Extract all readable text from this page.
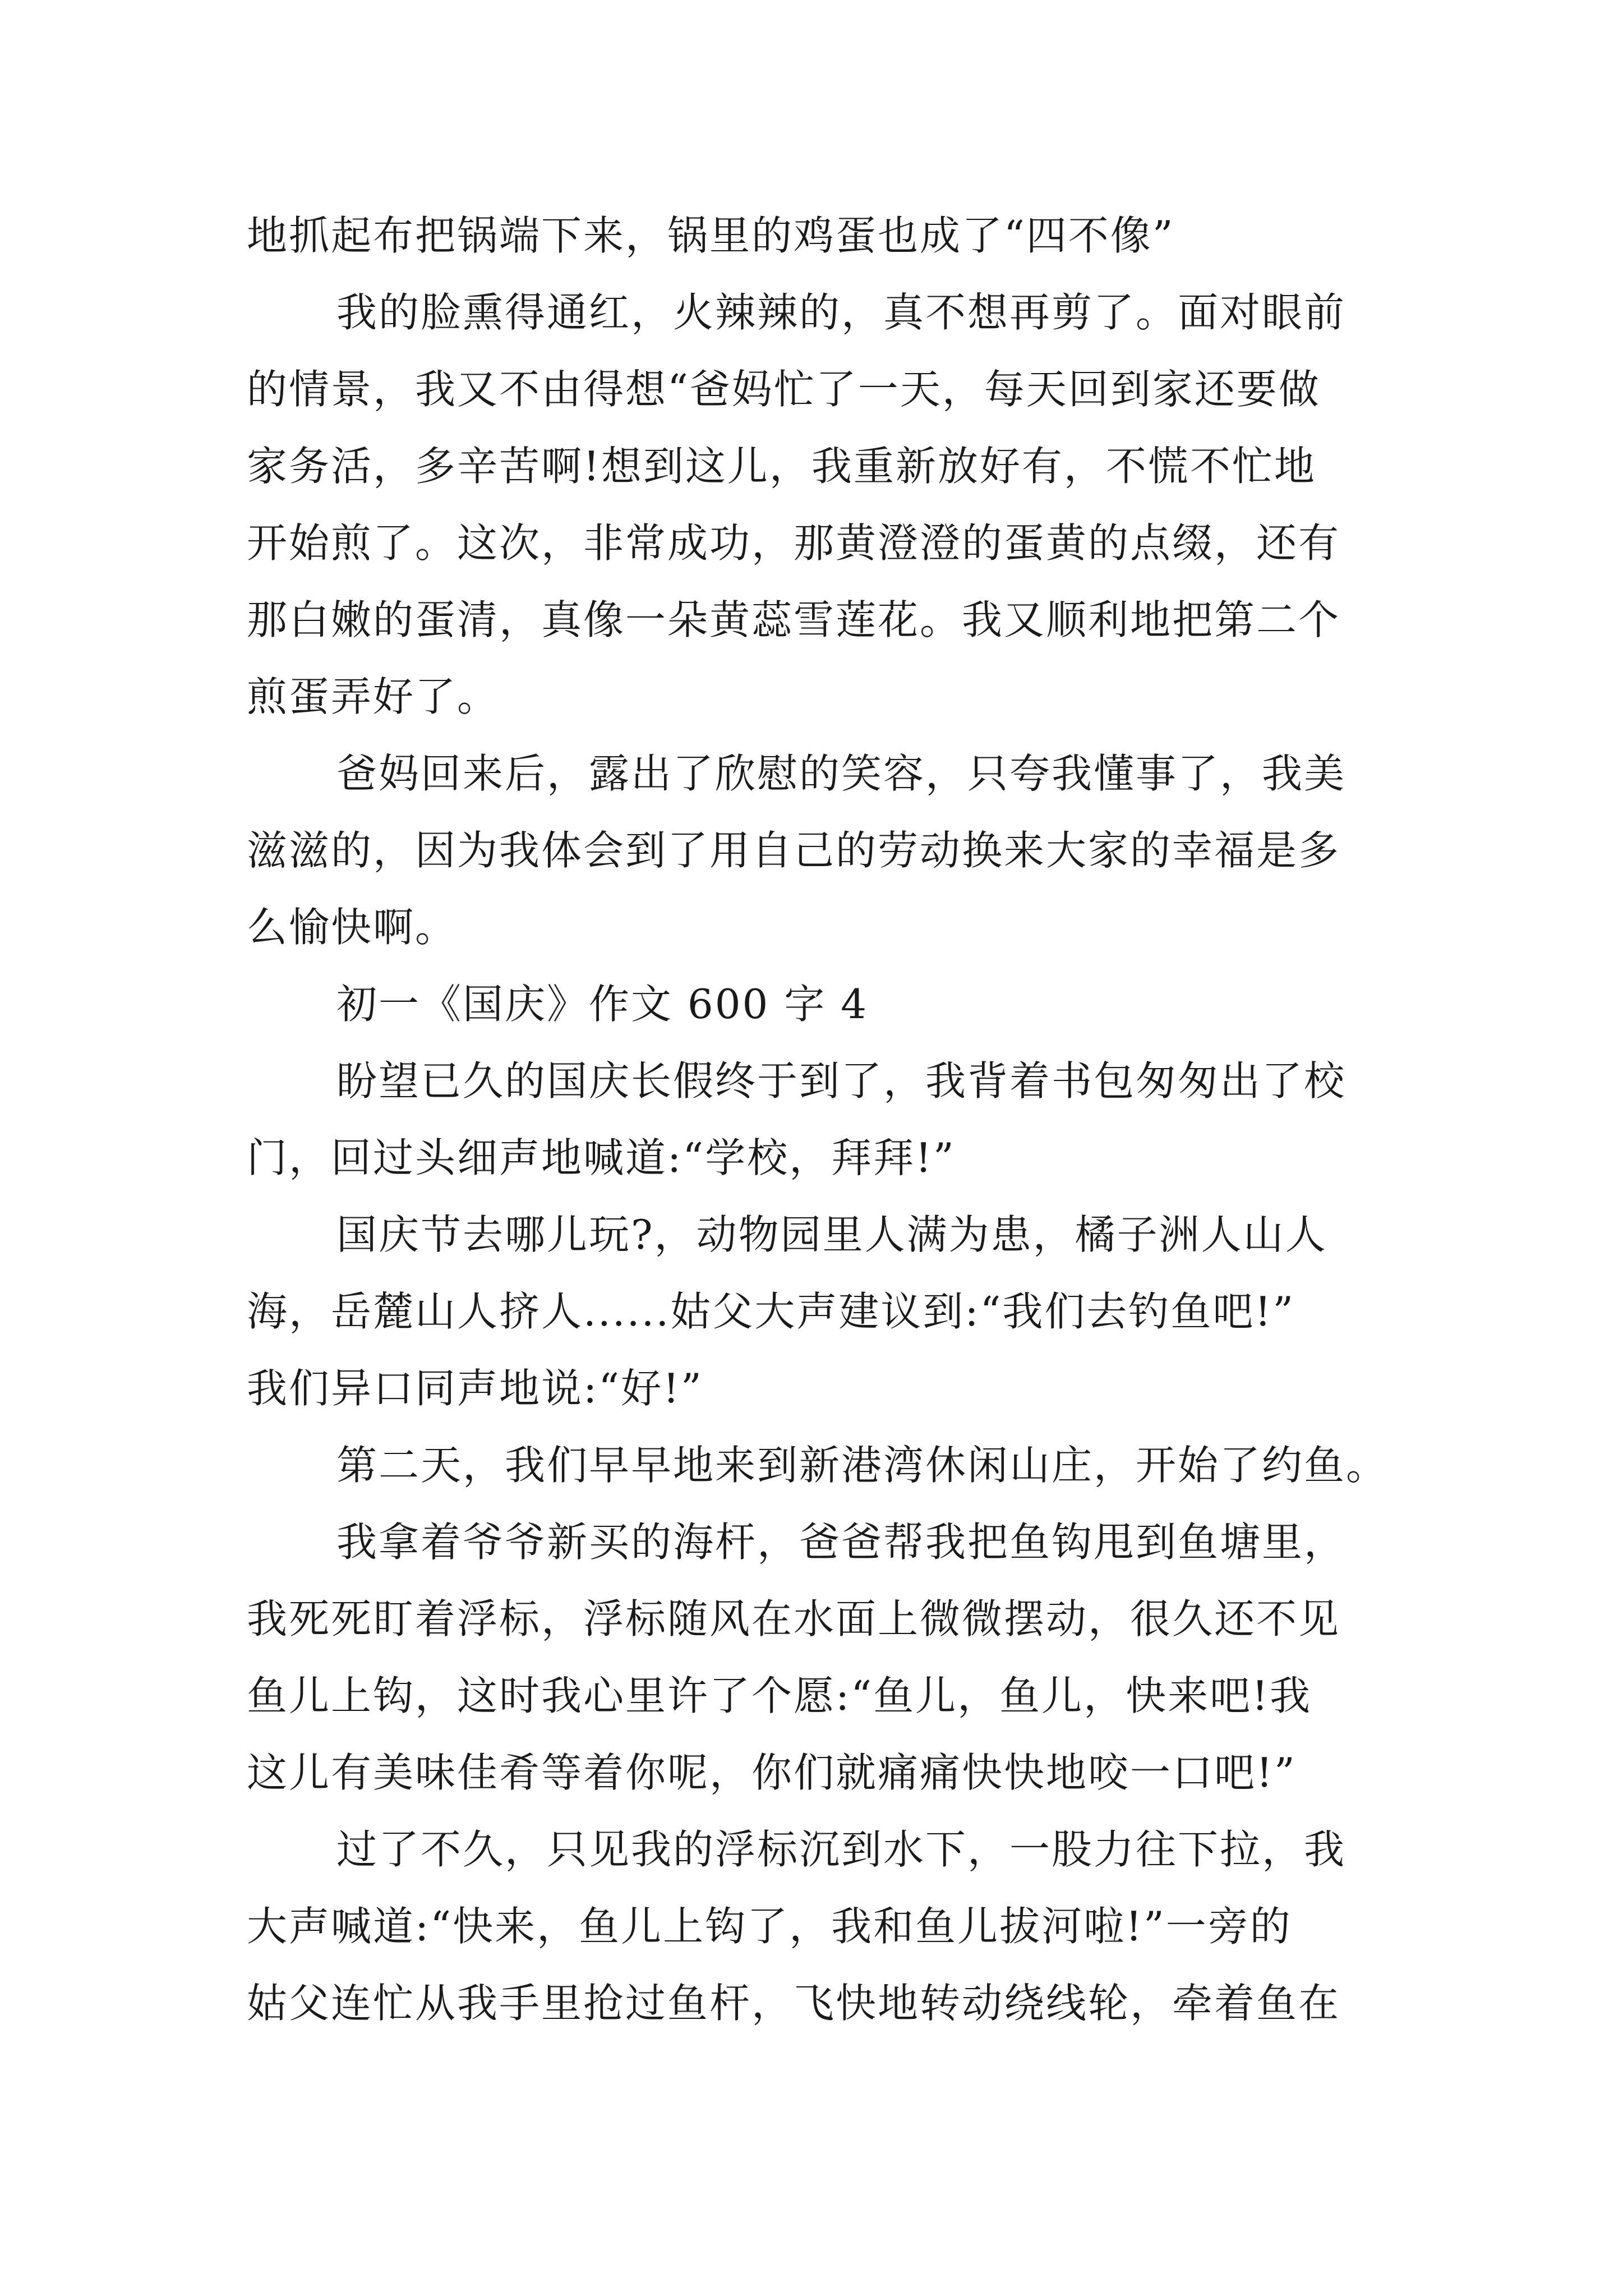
地抓起布把锅端下来，锅里的鸡蛋也成了“四不像”
我的脸熏得通红，火辣辣的，真不想再剪了。面对眼前
的情景，我又不由得想“爸妈忙了一天，每天回到家还要做
家务活，多辛苦啊!想到这儿，我重新放好有，不慌不忙地
开始煎了。这次，非常成功，那黄澄澄的蛋黄的点缀，还有
那白嫩的蛋清，真像一朵黄蕊雪莲花。我又顺利地把第二个
煎蛋弄好了。
爸妈回来后，露出了欣慰的笑容，只夸我懂事了，我美
滋滋的，因为我体会到了用自己的劳动换来大家的幸福是多
么愉快啊。
初一《国庆》作文 600 字 4
盼望已久的国庆长假终于到了，我背着书包匆匆出了校
门，回过头细声地喊道:“学校，拜拜!”
国庆节去哪儿玩?，动物园里人满为患，橘子洲人山人
海，岳麓山人挤人......姑父大声建议到:“我们去钓鱼吧!”
我们异口同声地说:“好!”
第二天，我们早早地来到新港湾休闲山庄，开始了约鱼。
我拿着爷爷新买的海杆，爸爸帮我把鱼钩甩到鱼塘里，
我死死盯着浮标，浮标随风在水面上微微摆动，很久还不见
鱼儿上钩，这时我心里许了个愿:“鱼儿，鱼儿，快来吧!我
这儿有美味佳肴等着你呢，你们就痛痛快快地咬一口吧!”
过了不久，只见我的浮标沉到水下，一股力往下拉，我
大声喊道:“快来，鱼儿上钩了，我和鱼儿拔河啦!”一旁的
姑父连忙从我手里抢过鱼杆，飞快地转动绕线轮，牵着鱼在
